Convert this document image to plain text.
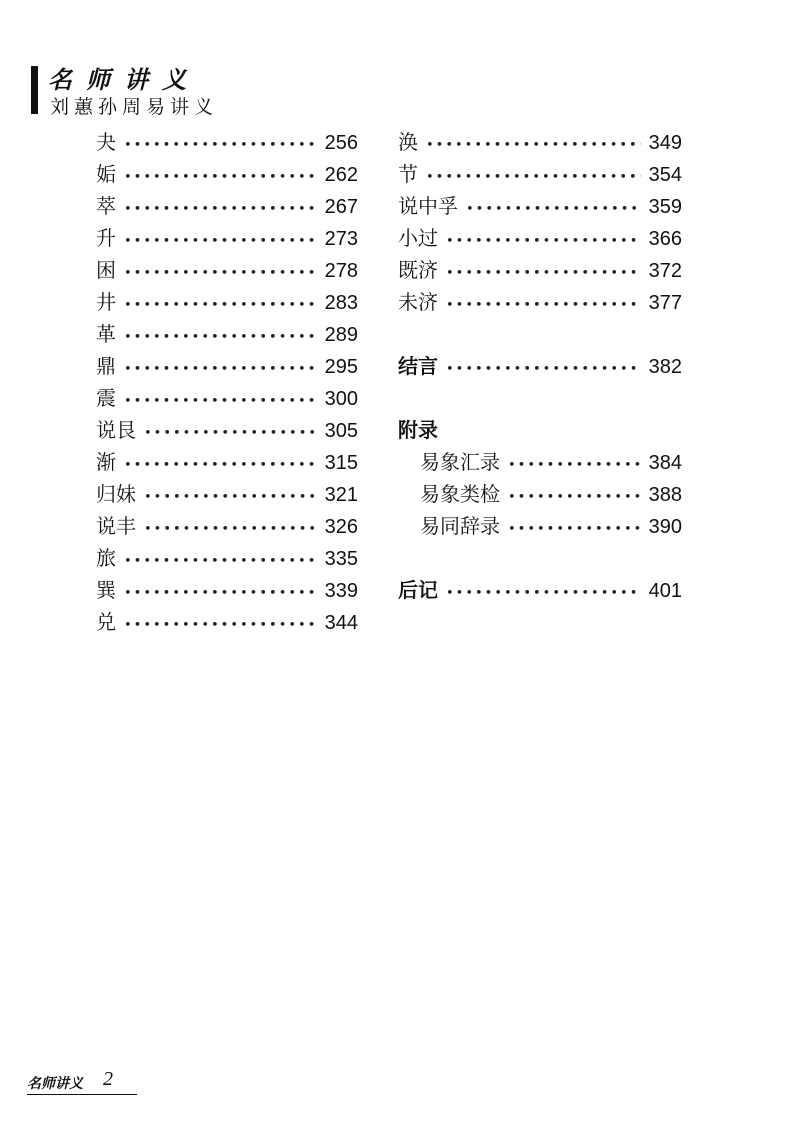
名师讲义
刘蕙孙周易讲义
夬 •••••	256
姤 •••••	262
萃 •••••	267
升 •••••	273
困 •••••	278
井 •••••	283
革 •••••	289
鼎 •••••	295
震 •••••	300
说艮 •••••	305
渐 •••••	315
归妹 •••••	321
说丰 •••••	326
旅 •••••	335
巽 •••••	339
兑 •••••	344
涣 •••••	349
节 •••••	354
说中孚 •••••	359
小过 •••••	366
既济 •••••	372
未济 •••••	377
结言 •••••	382
附录
易象汇录 •••••	384
易象类检 •••••	388
易同辞录 •••••	390
后记 •••••	401
名师讲义 2
